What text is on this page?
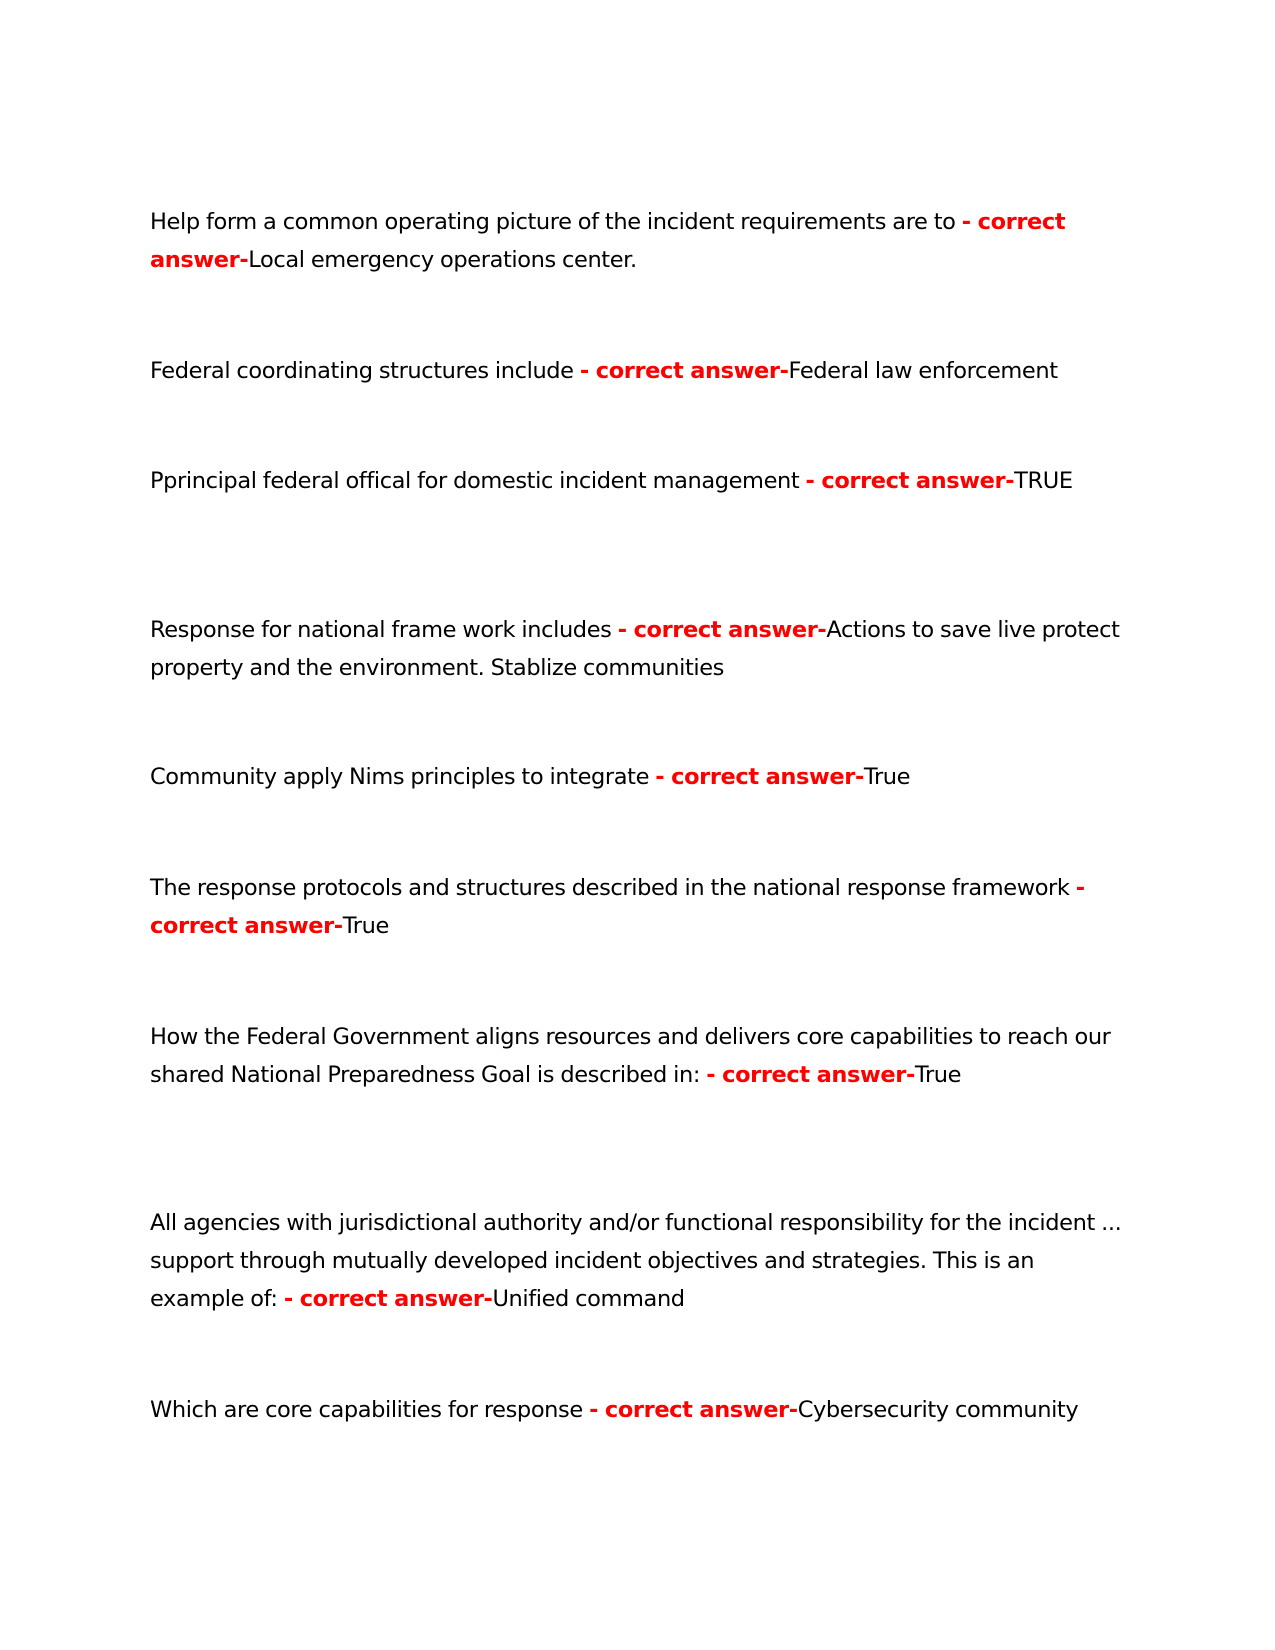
Help form a common operating picture of the incident requirements are to - correct answer-Local emergency operations center.

Federal coordinating structures include - correct answer-Federal law enforcement

Pprincipal federal offical for domestic incident management - correct answer-TRUE

Response for national frame work includes - correct answer-Actions to save live protect property and the environment. Stablize communities

Community apply Nims principles to integrate - correct answer-True

The response protocols and structures described in the national response framework - correct answer-True

How the Federal Government aligns resources and delivers core capabilities to reach our shared National Preparedness Goal is described in: - correct answer-True

All agencies with jurisdictional authority and/or functional responsibility for the incident ... support through mutually developed incident objectives and strategies. This is an example of: - correct answer-Unified command

Which are core capabilities for response - correct answer-Cybersecurity community
